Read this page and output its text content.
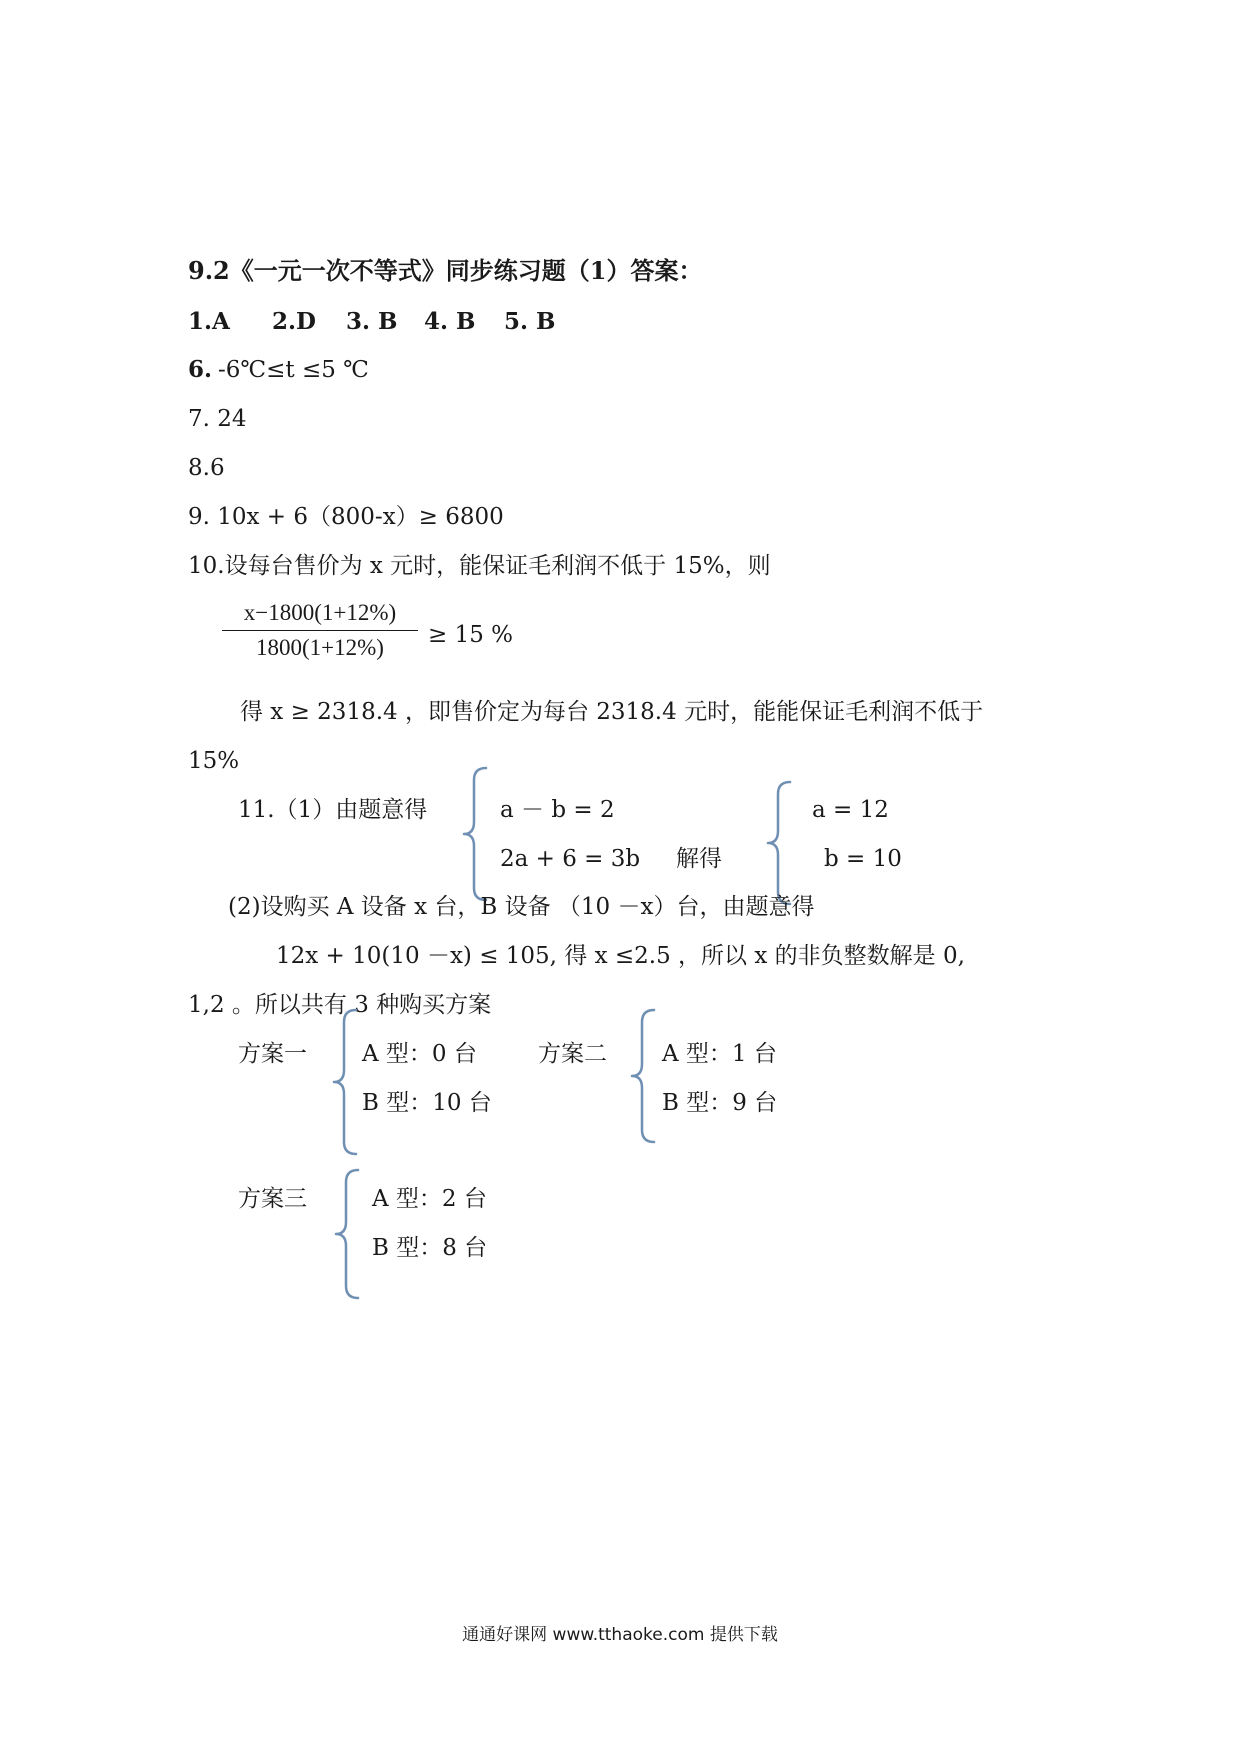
9.2《一元一次不等式》同步练习题（1）答案：
1.A 2.D 3. B 4. B 5. B
6. -6℃≤t ≤5 ℃
7. 24
8.6
9. 10x + 6（800-x）≥ 6800
10.设每台售价为 x 元时，能保证毛利润不低于 15%，则
$\frac{x-1800(1+12\%)}{1800(1+12\%)} \ge 15$ %
得 x ≥ 2318.4 ，即售价定为每台 2318.4 元时，能能保证毛利润不低于
15%
11.（1）由题意得	a － b = 2
2a + 6 = 3b 解得
a = 12
b = 10
(2)设购买 A 设备 x 台，B 设备 （10 －x）台，由题意得
12x + 10(10 －x) ≤ 105, 得 x ≤2.5 ，所以 x 的非负整数解是 0,
1,2 。所以共有 3 种购买方案
方案一 A 型：0 台
B 型：10 台
方案二 A 型：1 台
B 型：9 台
方案三	A 型：2 台
B 型：8 台
通通好课网 www.tthaoke.com 提供下载
